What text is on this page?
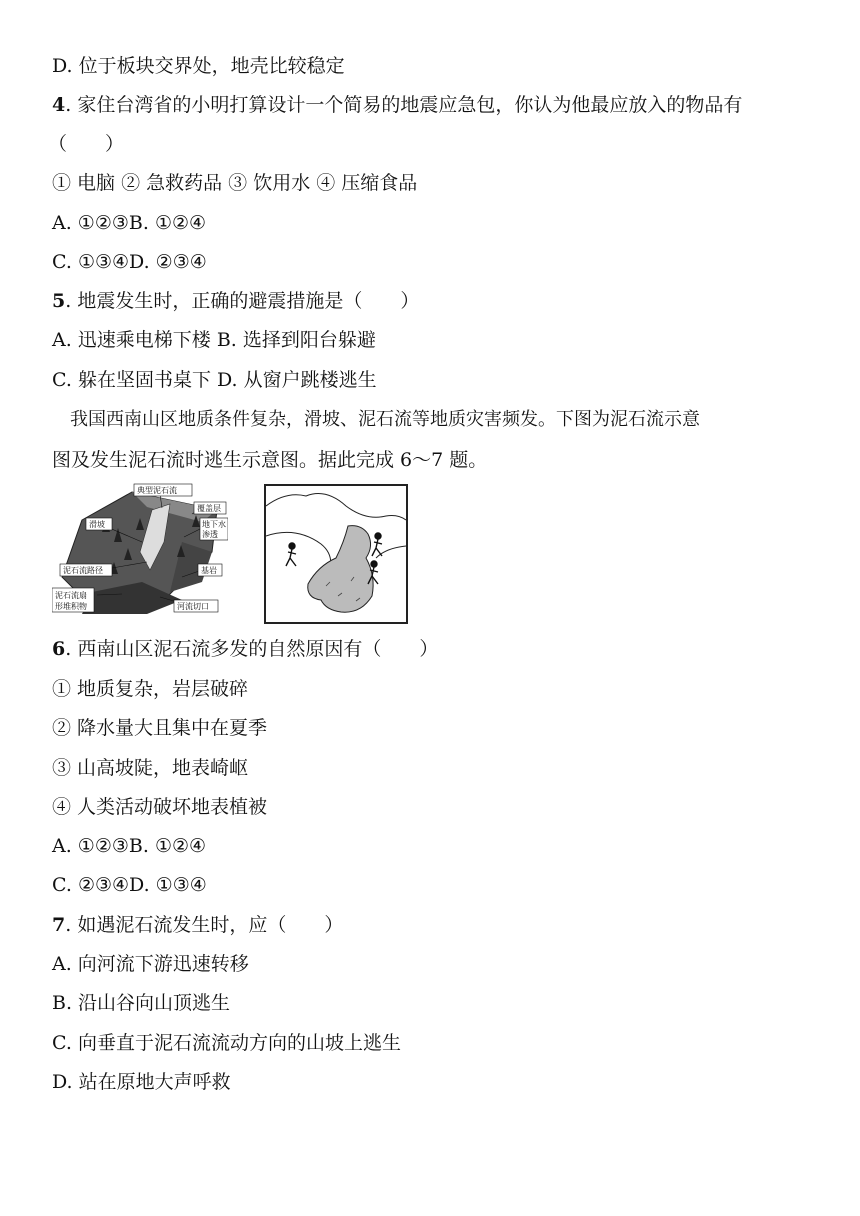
D. 位于板块交界处，地壳比较稳定
4. 家住台湾省的小明打算设计一个简易的地震应急包，你认为他最应放入的物品有
（　　）
① 电脑 ② 急救药品 ③ 饮用水 ④ 压缩食品
A. ①②③B. ①②④
C. ①③④D. ②③④
5. 地震发生时，正确的避震措施是（　　）
A. 迅速乘电梯下楼 B. 选择到阳台躲避
C. 躲在坚固书桌下 D. 从窗户跳楼逃生
　我国西南山区地质条件复杂，滑坡、泥石流等地质灾害频发。下图为泥石流示意
图及发生泥石流时逃生示意图。据此完成 6～7 题。
典型泥石流
覆盖层
滑坡	地下水
渗透
泥石流路径	基岩
泥石流扇
形堆积物	河流切口
6. 西南山区泥石流多发的自然原因有（　　）
① 地质复杂，岩层破碎
② 降水量大且集中在夏季
③ 山高坡陡，地表崎岖
④ 人类活动破坏地表植被
A. ①②③B. ①②④
C. ②③④D. ①③④
7. 如遇泥石流发生时，应（　　）
A. 向河流下游迅速转移
B. 沿山谷向山顶逃生
C. 向垂直于泥石流流动方向的山坡上逃生
D. 站在原地大声呼救
